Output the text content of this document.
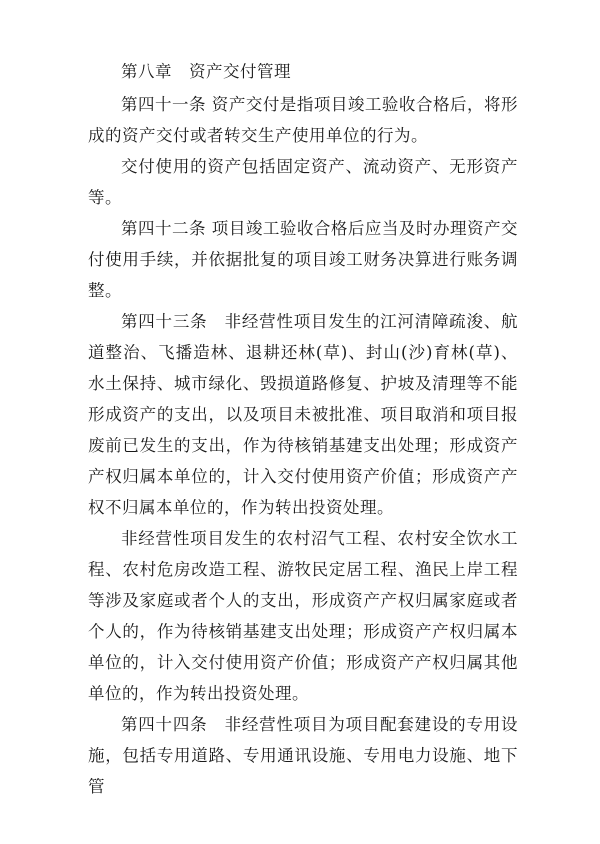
第八章　资产交付管理

第四十一条 资产交付是指项目竣工验收合格后，将形成的资产交付或者转交生产使用单位的行为。

交付使用的资产包括固定资产、流动资产、无形资产等。

第四十二条 项目竣工验收合格后应当及时办理资产交付使用手续，并依据批复的项目竣工财务决算进行账务调整。

第四十三条　非经营性项目发生的江河清障疏浚、航道整治、飞播造林、退耕还林(草)、封山(沙)育林(草)、水土保持、城市绿化、毁损道路修复、护坡及清理等不能形成资产的支出，以及项目未被批准、项目取消和项目报废前已发生的支出，作为待核销基建支出处理；形成资产产权归属本单位的，计入交付使用资产价值；形成资产产权不归属本单位的，作为转出投资处理。

非经营性项目发生的农村沼气工程、农村安全饮水工程、农村危房改造工程、游牧民定居工程、渔民上岸工程等涉及家庭或者个人的支出，形成资产产权归属家庭或者个人的，作为待核销基建支出处理；形成资产产权归属本单位的，计入交付使用资产价值；形成资产产权归属其他单位的，作为转出投资处理。

第四十四条　非经营性项目为项目配套建设的专用设施，包括专用道路、专用通讯设施、专用电力设施、地下管
